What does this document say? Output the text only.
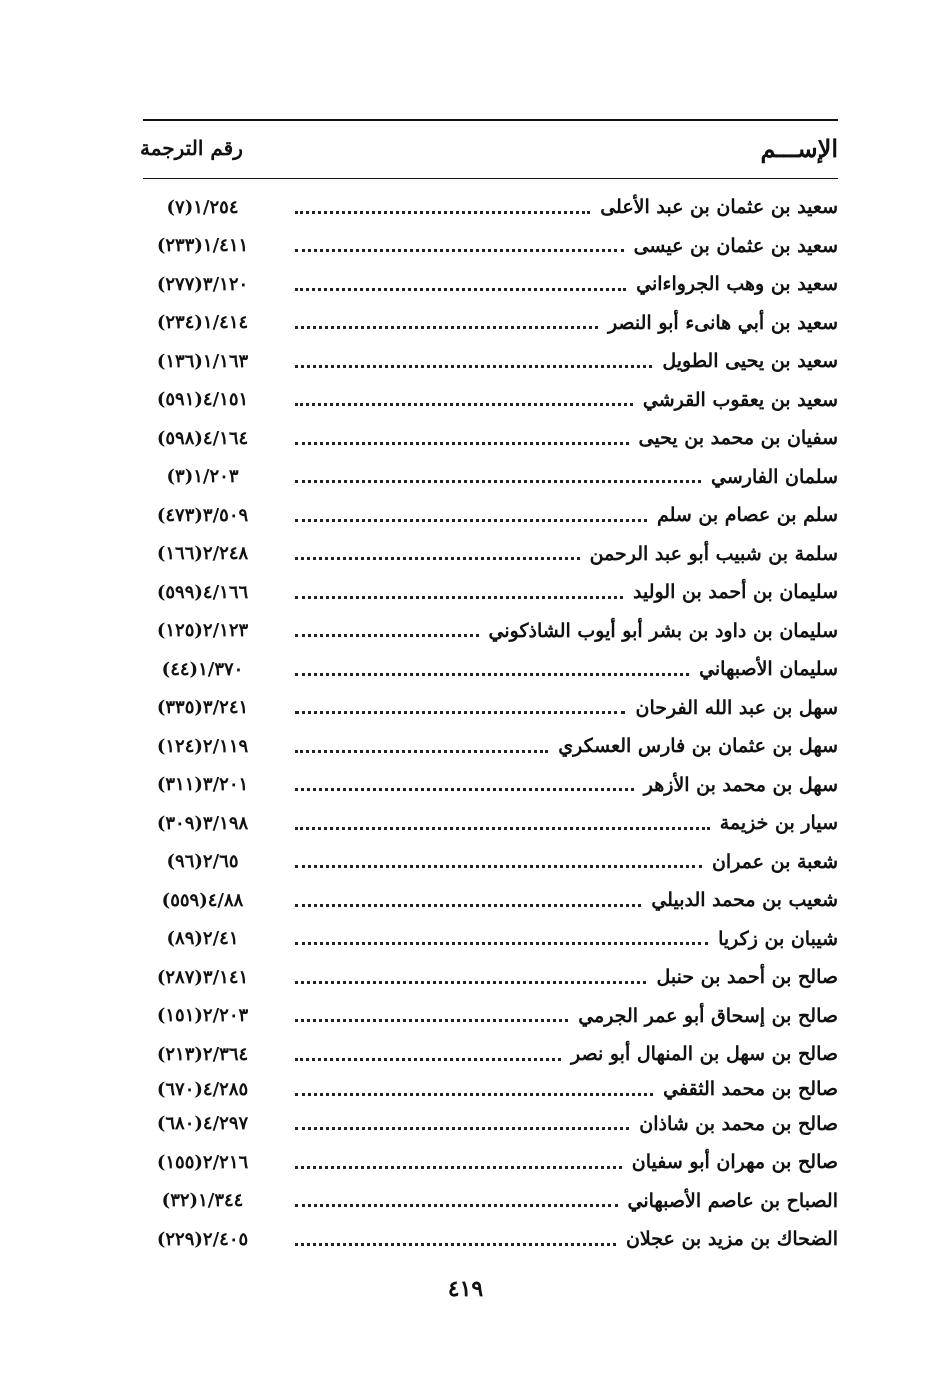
الإســـم
رقم الترجمة
سعيد بن عثمان بن عبد الأعلى
١/٢٥٤(٧)
سعيد بن عثمان بن عيسى
١/٤١١(٢٣٣)
سعيد بن وهب الجرواءاني
٣/١٢٠(٢٧٧)
سعيد بن أبي هانىء أبو النصر
١/٤١٤(٢٣٤)
سعيد بن يحيى الطويل
١/١٦٣(١٣٦)
سعيد بن يعقوب القرشي
٤/١٥١(٥٩١)
سفيان بن محمد بن يحيى
٤/١٦٤(٥٩٨)
سلمان الفارسي
١/٢٠٣(٣)
سلم بن عصام بن سلم
٣/٥٠٩(٤٧٣)
سلمة بن شبيب أبو عبد الرحمن
٢/٢٤٨(١٦٦)
سليمان بن أحمد بن الوليد
٤/١٦٦(٥٩٩)
سليمان بن داود بن بشر أبو أيوب الشاذكوني
٢/١٢٣(١٢٥)
سليمان الأصبهاني
١/٣٧٠(٤٤)
سهل بن عبد الله الفرحان
٣/٢٤١(٣٣٥)
سهل بن عثمان بن فارس العسكري
٢/١١٩(١٢٤)
سهل بن محمد بن الأزهر
٣/٢٠١(٣١١)
سيار بن خزيمة
٣/١٩٨(٣٠٩)
شعبة بن عمران
٢/٦٥(٩٦)
شعيب بن محمد الدبيلي
٤/٨٨(٥٥٩)
شيبان بن زكريا
٢/٤١(٨٩)
صالح بن أحمد بن حنبل
٣/١٤١(٢٨٧)
صالح بن إسحاق أبو عمر الجرمي
٢/٢٠٣(١٥١)
صالح بن سهل بن المنهال أبو نصر
٢/٣٦٤(٢١٣)
صالح بن محمد الثقفي
٤/٢٨٥(٦٧٠)
صالح بن محمد بن شاذان
٤/٢٩٧(٦٨٠)
صالح بن مهران أبو سفيان
٢/٢١٦(١٥٥)
الصباح بن عاصم الأصبهاني
١/٣٤٤(٣٢)
الضحاك بن مزيد بن عجلان
٢/٤٠٥(٢٢٩)
٤١٩
